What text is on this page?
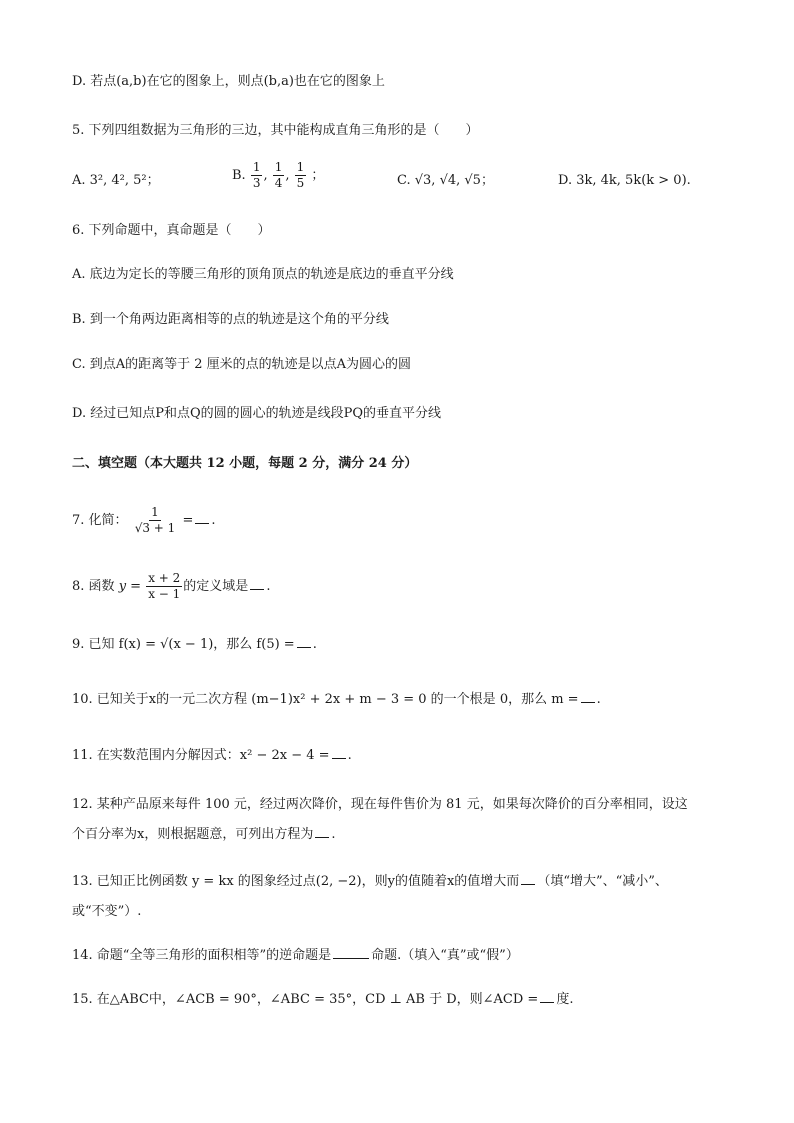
D. 若点(a,b)在它的图象上，则点(b,a)也在它的图象上
5. 下列四组数据为三角形的三边，其中能构成直角三角形的是（　　）
A. 3², 4², 5²；	B. $\frac{1}{3}$ , $\frac{1}{4}$ , $\frac{1}{5}$ ；	C. √3, √4, √5；	D. 3k, 4k, 5k(k > 0).
6. 下列命题中，真命题是（　　）
A. 底边为定长的等腰三角形的顶角顶点的轨迹是底边的垂直平分线
B. 到一个角两边距离相等的点的轨迹是这个角的平分线
C. 到点A的距离等于 2 厘米的点的轨迹是以点A为圆心的圆
D. 经过已知点P和点Q的圆的圆心的轨迹是线段PQ的垂直平分线
二、填空题（本大题共 12 小题，每题 2 分，满分 24 分）
7. 化简： $\frac{1}{√3 + 1}$ = .
8. 函数 $y = \frac{x + 2}{x - 1}$ 的定义域是 .
9. 已知 f(x) = √(x − 1)，那么 f(5) = .
10. 已知关于x的一元二次方程 (m−1)x² + 2x + m − 3 = 0 的一个根是 0，那么 m = .
11. 在实数范围内分解因式：x² − 2x − 4 = .
12. 某种产品原来每件 100 元，经过两次降价，现在每件售价为 81 元，如果每次降价的百分率相同，设这
个百分率为x，则根据题意，可列出方程为 .
13. 已知正比例函数 y = kx 的图象经过点(2, −2)，则y的值随着x的值增大而 （填“增大”、“减小”、
或“不变”）.
14. 命题“全等三角形的面积相等”的逆命题是	命题.（填入“真”或“假”）
15. 在△ABC中，∠ACB = 90°，∠ABC = 35°，CD ⊥ AB 于 D，则∠ACD = 度.
